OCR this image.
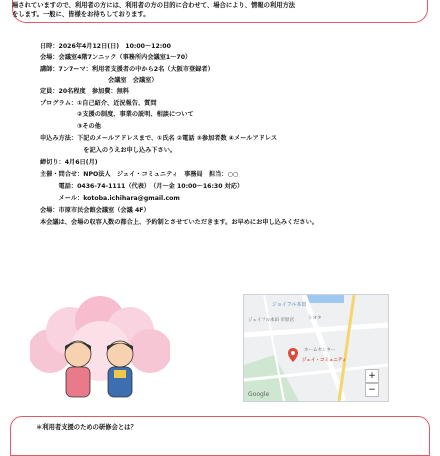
場されていますので、利用者の方には、利用者の方の目的に合わせて、場合により、情報の利用方法
をします。一般に、皆様をお待ちしております。
日時：2026年4月12日(日)　10:00〜12:00
会場：会議室4階7ンニック（事務所内会議室1〜70）
講師：7ン7ーマ：利用者支援者の中から2名（大阪市登録者）
　　　　　　　　　　　会議室　会議室）
定員：20名程度　参加費：無料
プログラム：①自己紹介、近況報告、質問
　　　　　　②支援の制度、事業の説明、相談について
　　　　　　③その他
申込み方法：下記のメールアドレスまで、①氏名 ②電話 ③参加者数 ④メールアドレス
　　　　　　　を記入のうえお申し込み下さい。
締切り：4月6日(月)
主催・問合せ：NPO法人　ジェイ・コミュニティ　事務局　担当：○○
　　　電話：0436-74-1111（代表）　（月〜金 10:00〜16:30 対応）
　　　メール：kotoba.ichihara@gmail.com
会場：市原市民会館会議室（会議 4F）
本会議は、会場の収容人数の都合上、予約制とさせていただきます。お早めにお申し込みください。
ジョイフル本田
ジェイフル本田 市原店	トヨタ
ホームセンター
ジェイ・コミュニティ
+
−
Google
＊利用者支援のための研修会とは？
